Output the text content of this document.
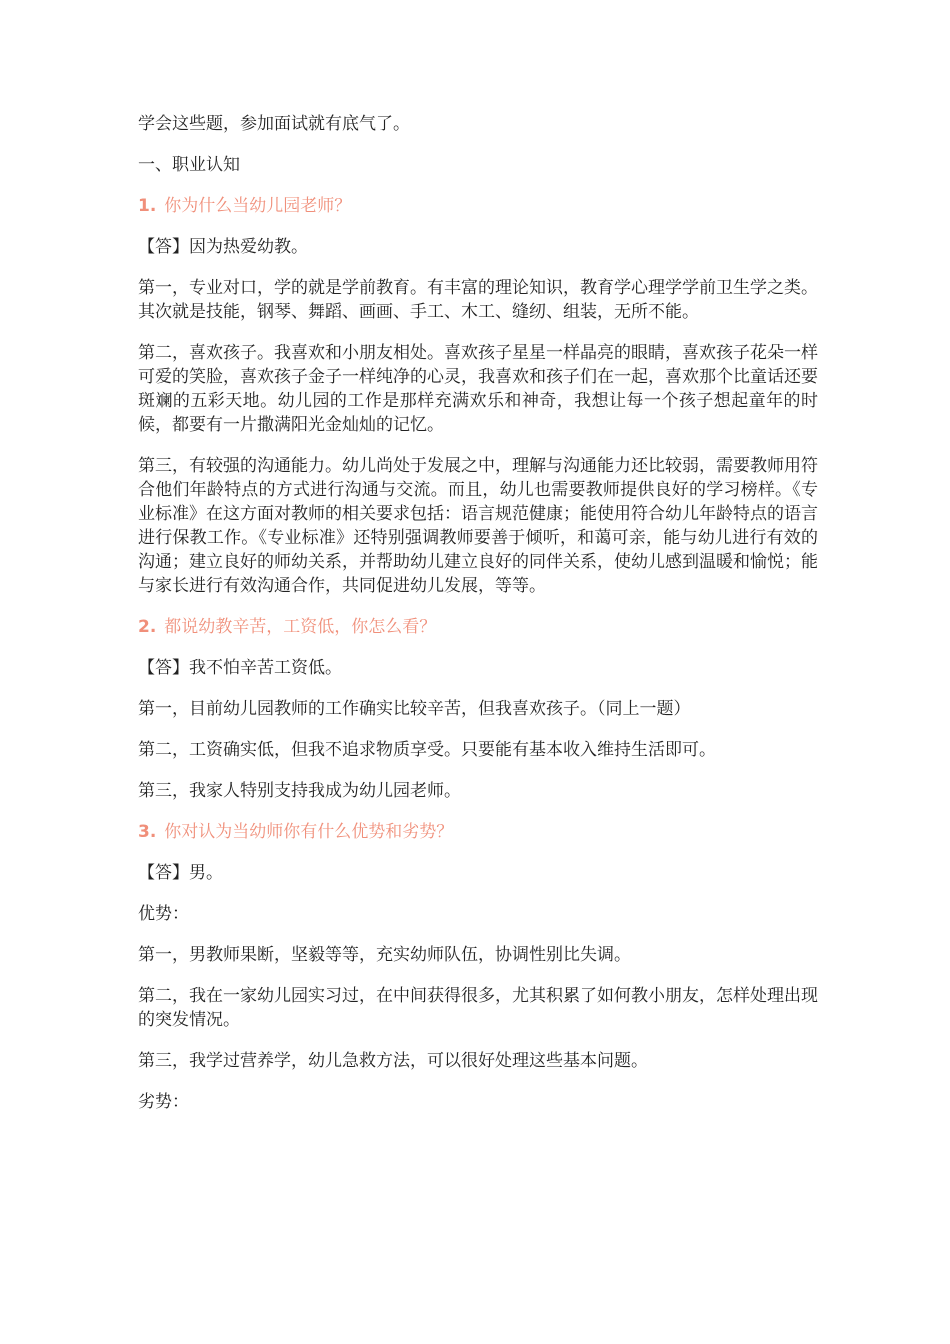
学会这些题，参加面试就有底气了。

一、职业认知

1. 你为什么当幼儿园老师？

【答】因为热爱幼教。

第一，专业对口，学的就是学前教育。有丰富的理论知识，教育学心理学学前卫生学之类。其次就是技能，钢琴、舞蹈、画画、手工、木工、缝纫、组装，无所不能。

第二，喜欢孩子。我喜欢和小朋友相处。喜欢孩子星星一样晶亮的眼睛，喜欢孩子花朵一样可爱的笑脸，喜欢孩子金子一样纯净的心灵，我喜欢和孩子们在一起，喜欢那个比童话还要斑斓的五彩天地。幼儿园的工作是那样充满欢乐和神奇，我想让每一个孩子想起童年的时候，都要有一片撒满阳光金灿灿的记忆。

第三，有较强的沟通能力。幼儿尚处于发展之中，理解与沟通能力还比较弱，需要教师用符合他们年龄特点的方式进行沟通与交流。而且，幼儿也需要教师提供良好的学习榜样。《专业标准》在这方面对教师的相关要求包括：语言规范健康；能使用符合幼儿年龄特点的语言进行保教工作。《专业标准》还特别强调教师要善于倾听，和蔼可亲，能与幼儿进行有效的沟通；建立良好的师幼关系，并帮助幼儿建立良好的同伴关系，使幼儿感到温暖和愉悦；能与家长进行有效沟通合作，共同促进幼儿发展，等等。

2. 都说幼教辛苦，工资低，你怎么看？

【答】我不怕辛苦工资低。

第一，目前幼儿园教师的工作确实比较辛苦，但我喜欢孩子。（同上一题）

第二，工资确实低，但我不追求物质享受。只要能有基本收入维持生活即可。

第三，我家人特别支持我成为幼儿园老师。

3. 你对认为当幼师你有什么优势和劣势？

【答】男。

优势：

第一，男教师果断，坚毅等等，充实幼师队伍，协调性别比失调。

第二，我在一家幼儿园实习过，在中间获得很多，尤其积累了如何教小朋友，怎样处理出现的突发情况。

第三，我学过营养学，幼儿急救方法，可以很好处理这些基本问题。

劣势：
